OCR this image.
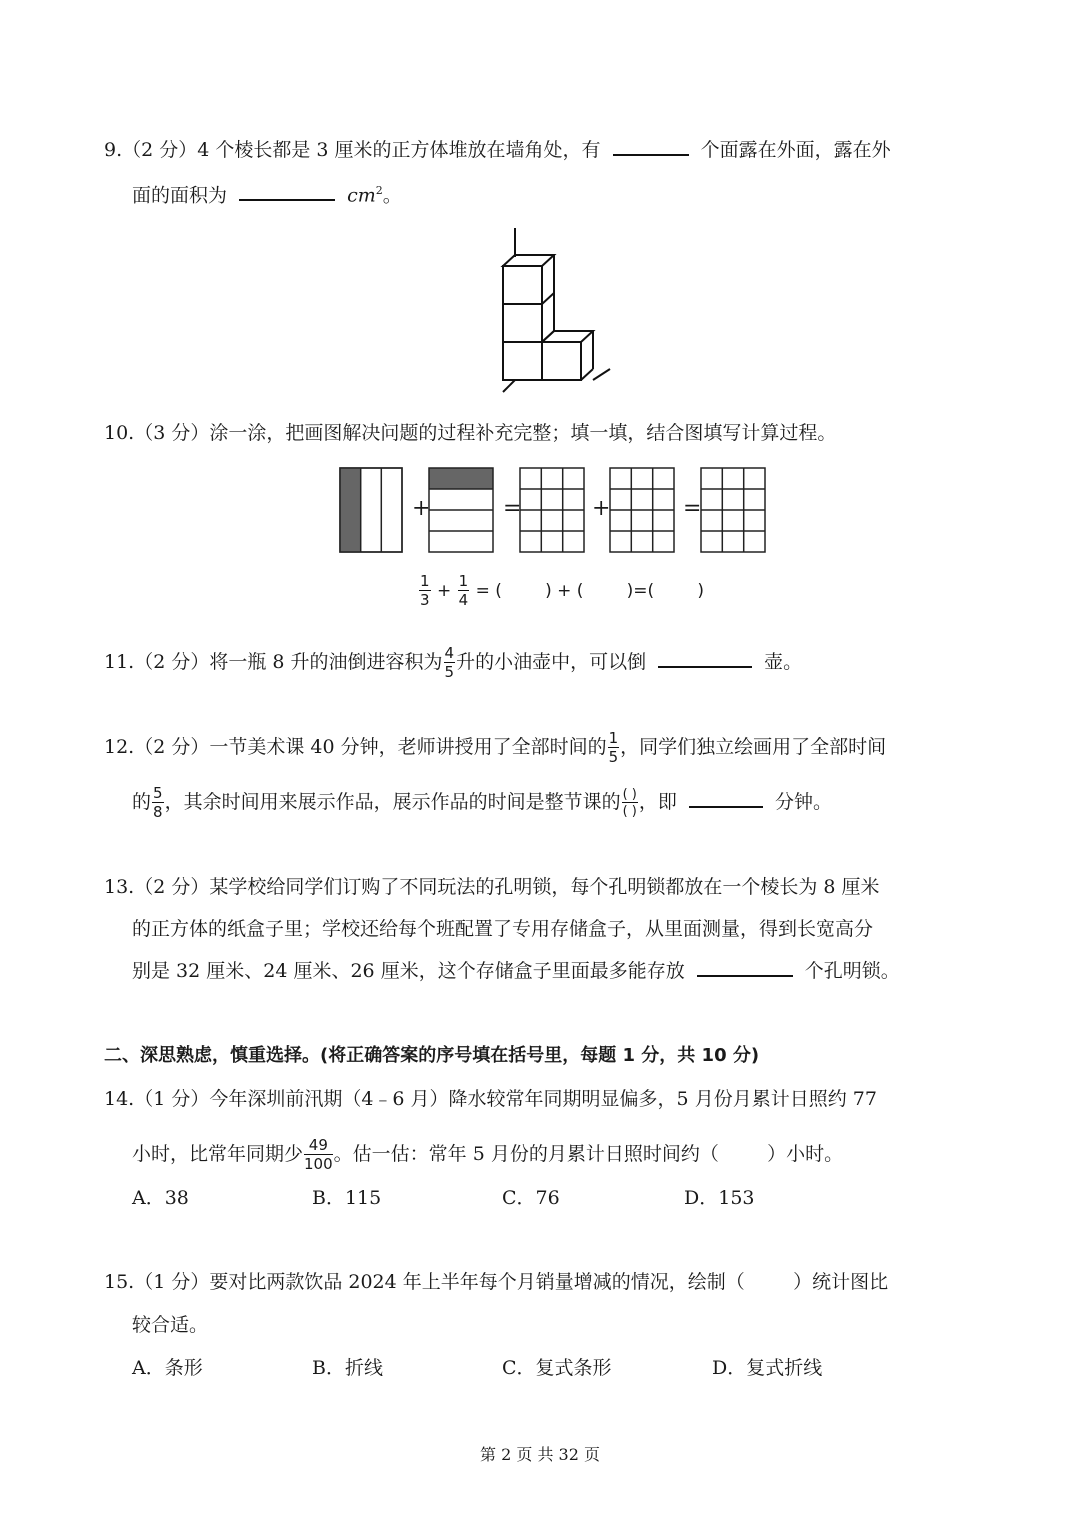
9.（2 分）4 个棱长都是 3 厘米的正方体堆放在墙角处，有	个面露在外面，露在外
面的面积为	$cm^2$。
10.（3 分）涂一涂，把画图解决问题的过程补充完整；填一填，结合图填写计算过程。
+	=	+	=
$\frac{1}{3} + \frac{1}{4}$ = (        ) + (        )=(        )
11.（2 分）将一瓶 8 升的油倒进容积为 $\frac{4}{5}$ 升的小油壶中，可以倒	壶。
12.（2 分）一节美术课 40 分钟，老师讲授用了全部时间的 $\frac{1}{5}$ ，同学们独立绘画用了全部时间
的 $\frac{5}{8}$ ，其余时间用来展示作品，展示作品的时间是整节课的 $\frac{( )}{( )}$ ，即	分钟。
13.（2 分）某学校给同学们订购了不同玩法的孔明锁，每个孔明锁都放在一个棱长为 8 厘米
的正方体的纸盒子里；学校还给每个班配置了专用存储盒子，从里面测量，得到长宽高分
别是 32 厘米、24 厘米、26 厘米，这个存储盒子里面最多能存放	个孔明锁。
二、深思熟虑，慎重选择。(将正确答案的序号填在括号里，每题 1 分，共 10 分)
14.（1 分）今年深圳前汛期（4﹣6 月）降水较常年同期明显偏多，5 月份月累计日照约 77
小时，比常年同期少 $\frac{49}{100}$ 。估一估：常年 5 月份的月累计日照时间约（        ）小时。
A．38	B．115	C．76	D．153
15.（1 分）要对比两款饮品 2024 年上半年每个月销量增减的情况，绘制（        ）统计图比
较合适。
A．条形	B．折线	C．复式条形	D．复式折线
第 2 页 共 32 页
